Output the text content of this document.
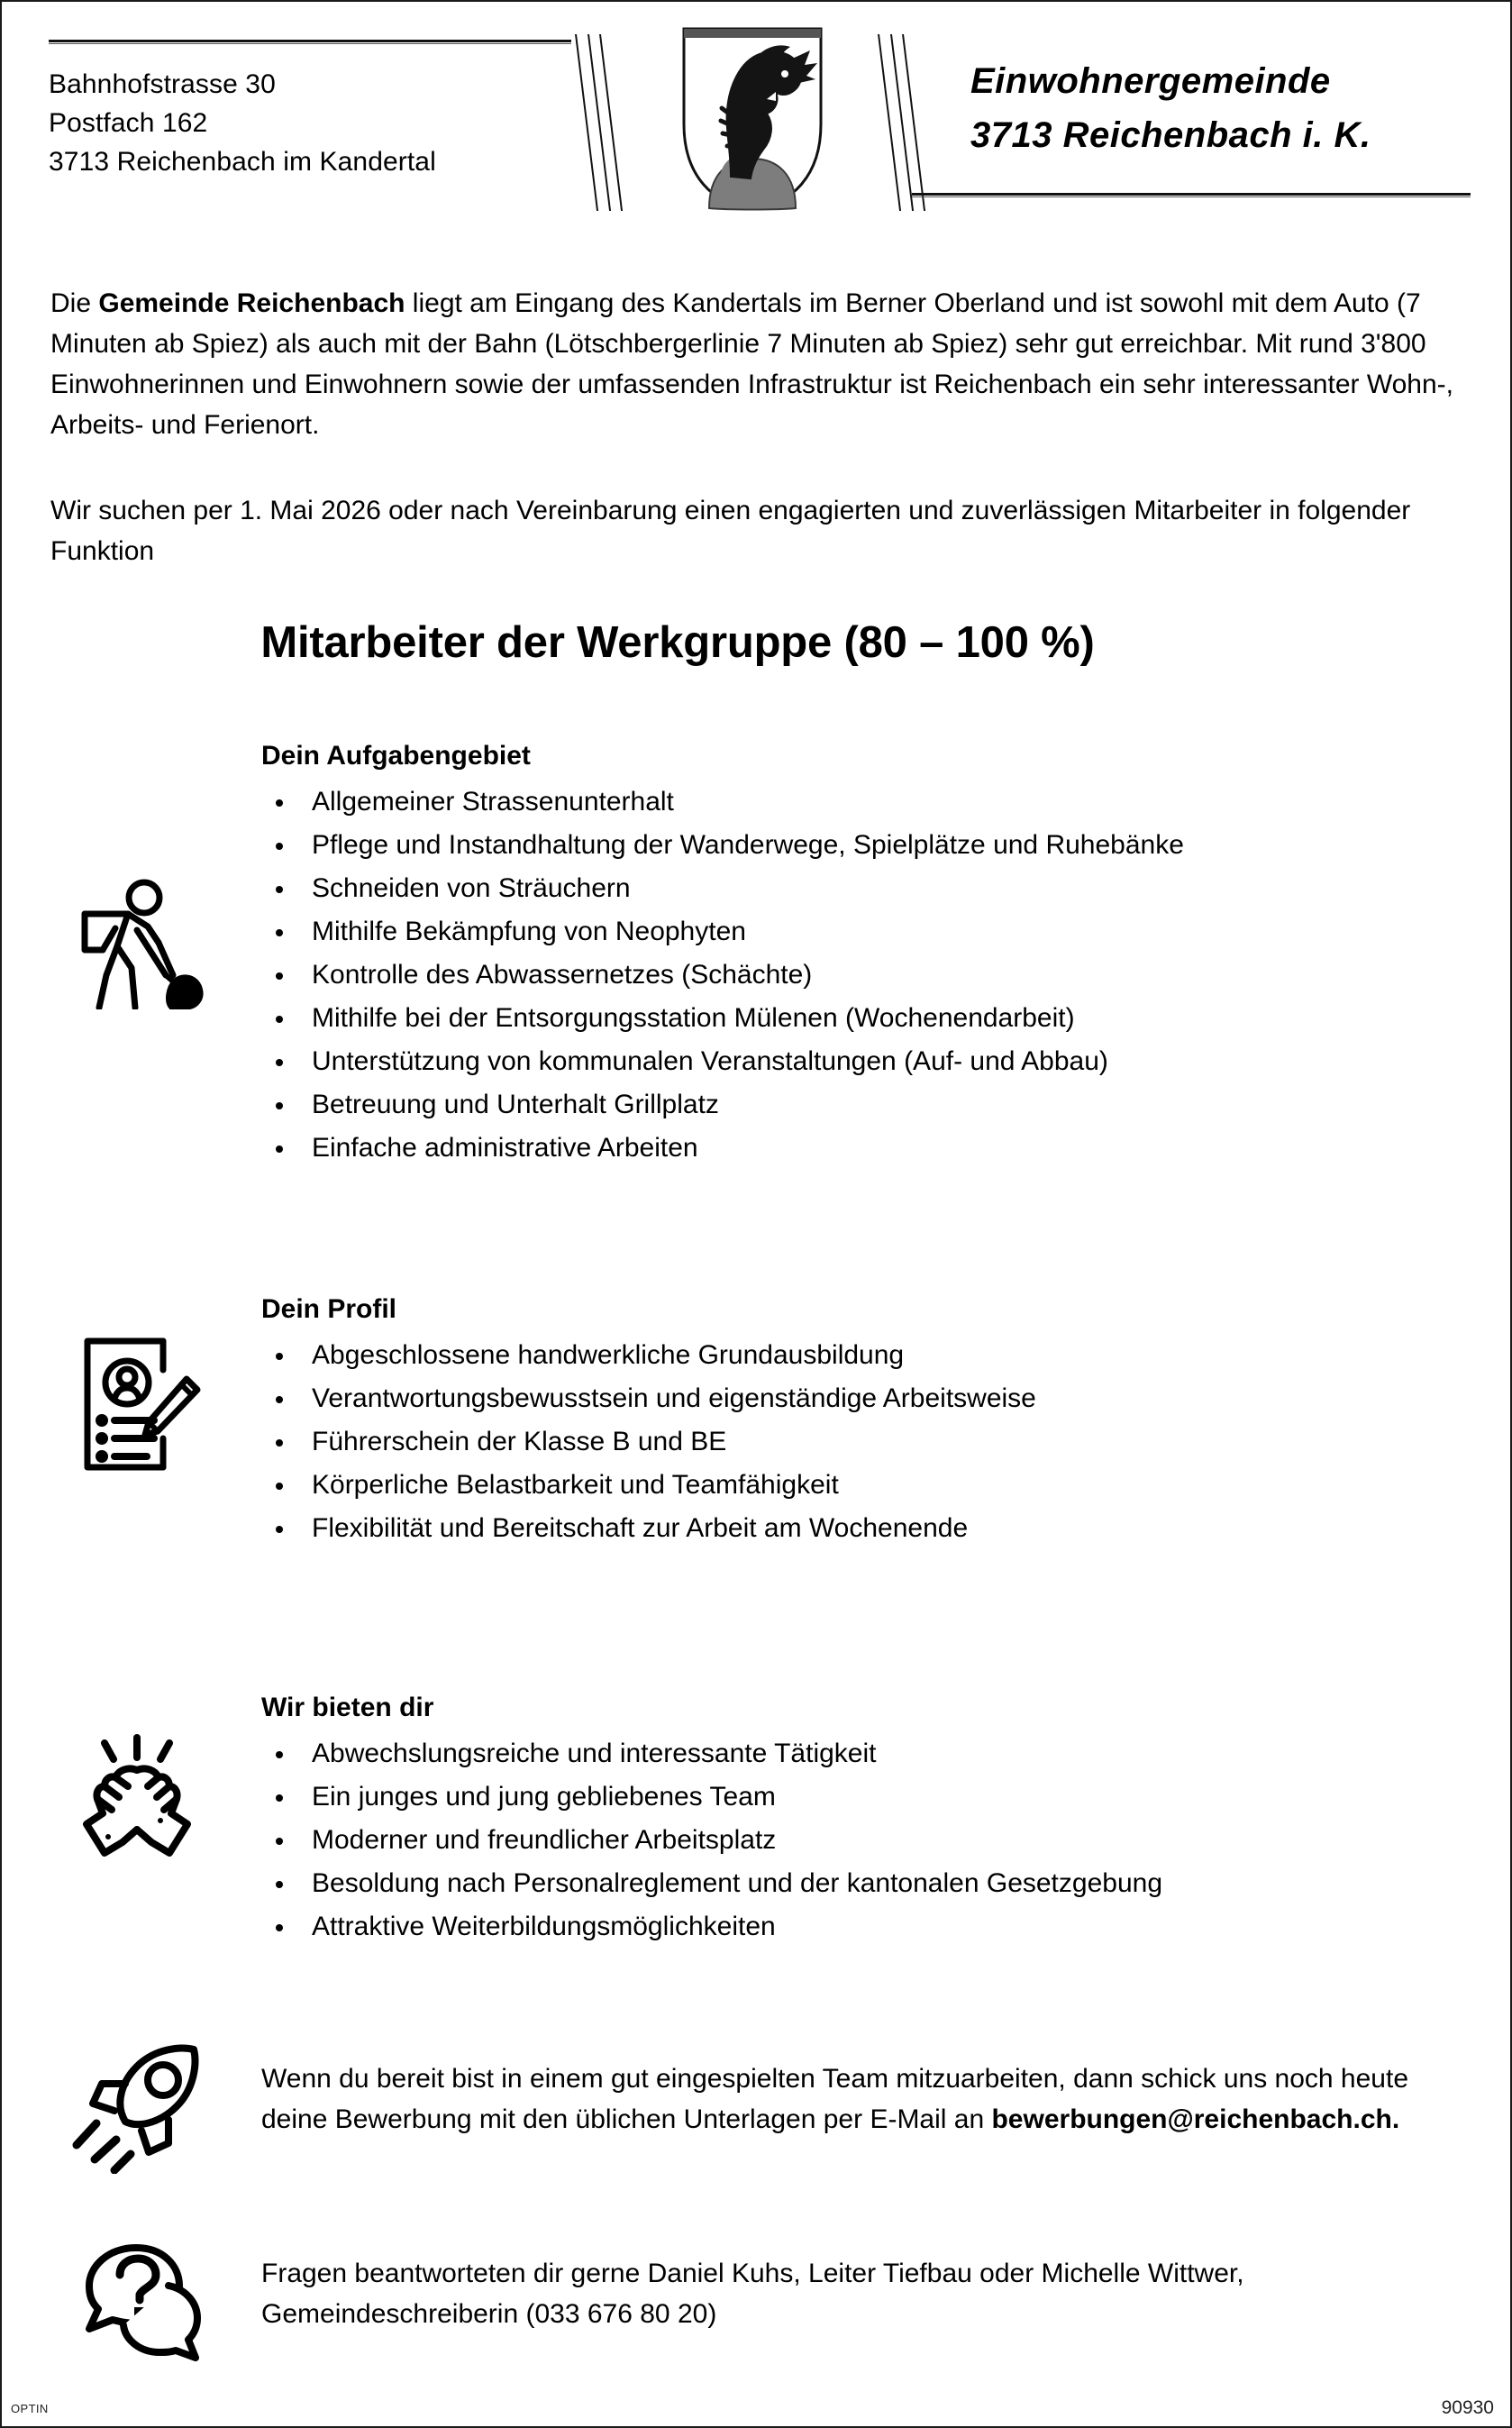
Bahnhofstrasse 30
Postfach 162
3713 Reichenbach im Kandertal
Einwohnergemeinde
3713 Reichenbach i. K.

Die Gemeinde Reichenbach liegt am Eingang des Kandertals im Berner Oberland und ist sowohl mit dem Auto (7 Minuten ab Spiez) als auch mit der Bahn (Lötschbergerlinie 7 Minuten ab Spiez) sehr gut erreichbar. Mit rund 3'800 Einwohnerinnen und Einwohnern sowie der umfassenden Infrastruktur ist Reichenbach ein sehr interessanter Wohn-, Arbeits- und Ferienort.

Wir suchen per 1. Mai 2026 oder nach Vereinbarung einen engagierten und zuverlässigen Mitarbeiter in folgender Funktion

Mitarbeiter der Werkgruppe (80 – 100 %)
Dein Aufgabengebiet
Allgemeiner Strassenunterhalt
Pflege und Instandhaltung der Wanderwege, Spielplätze und Ruhebänke
Schneiden von Sträuchern
Mithilfe Bekämpfung von Neophyten
Kontrolle des Abwassernetzes (Schächte)
Mithilfe bei der Entsorgungsstation Mülenen (Wochenendarbeit)
Unterstützung von kommunalen Veranstaltungen (Auf- und Abbau)
Betreuung und Unterhalt Grillplatz
Einfache administrative Arbeiten
Dein Profil
Abgeschlossene handwerkliche Grundausbildung
Verantwortungsbewusstsein und eigenständige Arbeitsweise
Führerschein der Klasse B und BE
Körperliche Belastbarkeit und Teamfähigkeit
Flexibilität und Bereitschaft zur Arbeit am Wochenende
Wir bieten dir
Abwechslungsreiche und interessante Tätigkeit
Ein junges und jung gebliebenes Team
Moderner und freundlicher Arbeitsplatz
Besoldung nach Personalreglement und der kantonalen Gesetzgebung
Attraktive Weiterbildungsmöglichkeiten

Wenn du bereit bist in einem gut eingespielten Team mitzuarbeiten, dann schick uns noch heute deine Bewerbung mit den üblichen Unterlagen per E-Mail an bewerbungen@reichenbach.ch.

Fragen beantworteten dir gerne Daniel Kuhs, Leiter Tiefbau oder Michelle Wittwer, Gemeindeschreiberin (033 676 80 20)

OPTIN	90930
